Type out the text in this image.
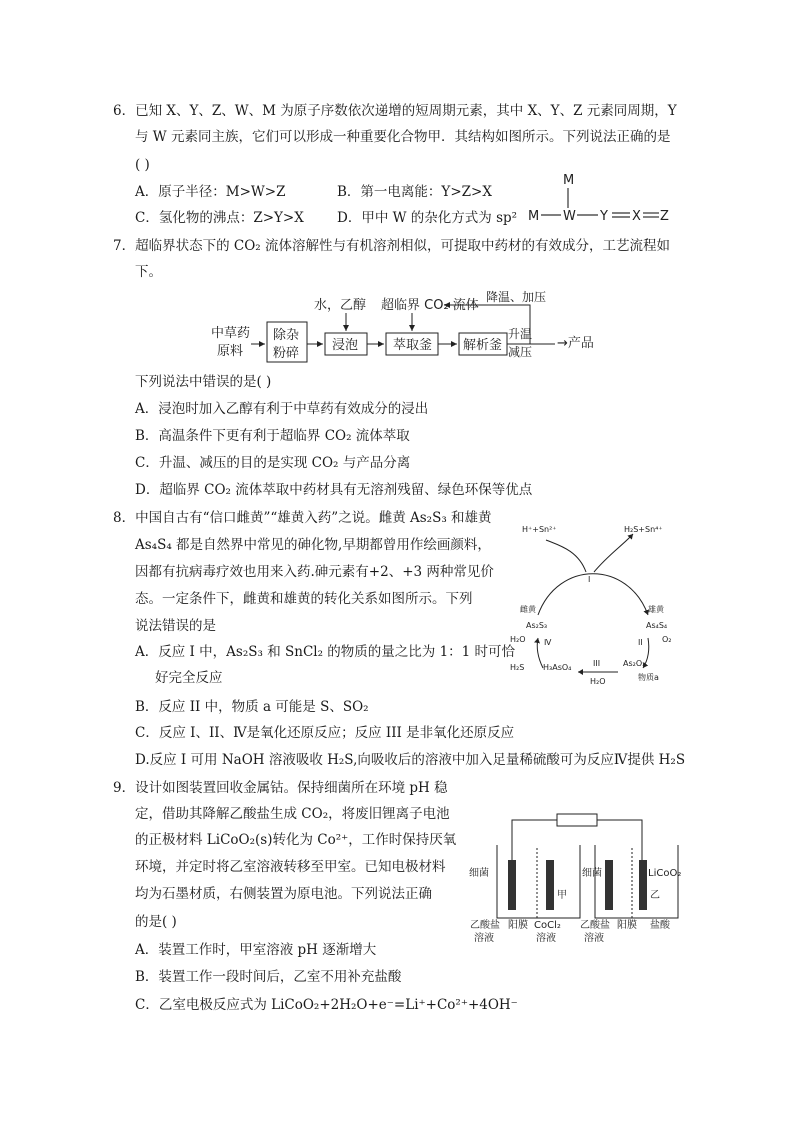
6．已知 X、Y、Z、W、M 为原子序数依次递增的短周期元素，其中 X、Y、Z 元素同周期，Y
与 W 元素同主族，它们可以形成一种重要化合物甲．其结构如图所示。下列说法正确的是
( )
A．原子半径：M>W>Z	B．第一电离能：Y>Z>X
C．氢化物的沸点：Z>Y>X D．甲中 W 的杂化方式为 sp²
M
M W Y X Z
7．超临界状态下的 CO₂ 流体溶解性与有机溶剂相似，可提取中药材的有效成分，工艺流程如
下。
中草药
原料
水，乙醇 超临界 CO₂ 流体
降温、加压
升温
减压
→产品
除杂
粉碎
浸泡	萃取釜 解析釜
下列说法中错误的是( )
A．浸泡时加入乙醇有利于中草药有效成分的浸出
B．高温条件下更有利于超临界 CO₂ 流体萃取
C．升温、减压的目的是实现 CO₂ 与产品分离
D．超临界 CO₂ 流体萃取中药材具有无溶剂残留、绿色环保等优点
8．中国自古有“信口雌黄”“雄黄入药”之说。雌黄 As₂S₃ 和雄黄
As₄S₄ 都是自然界中常见的砷化物,早期都曾用作绘画颜料，
因都有抗病毒疗效也用来入药.砷元素有+2、+3 两种常见价
态。一定条件下，雌黄和雄黄的转化关系如图所示。下列
说法错误的是
A．反应 I 中，As₂S₃ 和 SnCl₂ 的物质的量之比为 1：1 时可恰
好完全反应
B．反应 II 中，物质 a 可能是 S、SO₂
C．反应 I、II、Ⅳ是氧化还原反应；反应 III 是非氧化还原反应
D.反应 I 可用 NaOH 溶液吸收 H₂S,向吸收后的溶液中加入足量稀硫酸可为反应Ⅳ提供 H₂S
H⁺+Sn²⁺	H₂S+Sn⁴⁺
I
雌黄	雄黄
As₂S₃	As₄S₄
H₂O Ⅳ	II O₂
H₂S H₃AsO₄	III	As₂O₃
H₂O	物质a
9．设计如图装置回收金属钴。保持细菌所在环境 pH 稳
定，借助其降解乙酸盐生成 CO₂，将废旧锂离子电池
的正极材料 LiCoO₂(s)转化为 Co²⁺，工作时保持厌氧
环境，并定时将乙室溶液转移至甲室。已知电极材料
均为石墨材质，右侧装置为原电池。下列说法正确
的是( )
A．装置工作时，甲室溶液 pH 逐渐增大
B．装置工作一段时间后，乙室不用补充盐酸
C．乙室电极反应式为 LiCoO₂+2H₂O+e⁻=Li⁺+Co²⁺+4OH⁻
细菌
甲
细菌	LiCoO₂
乙
乙酸盐
溶液
阳膜 CoCl₂
溶液
乙酸盐
溶液
阳膜 盐酸
